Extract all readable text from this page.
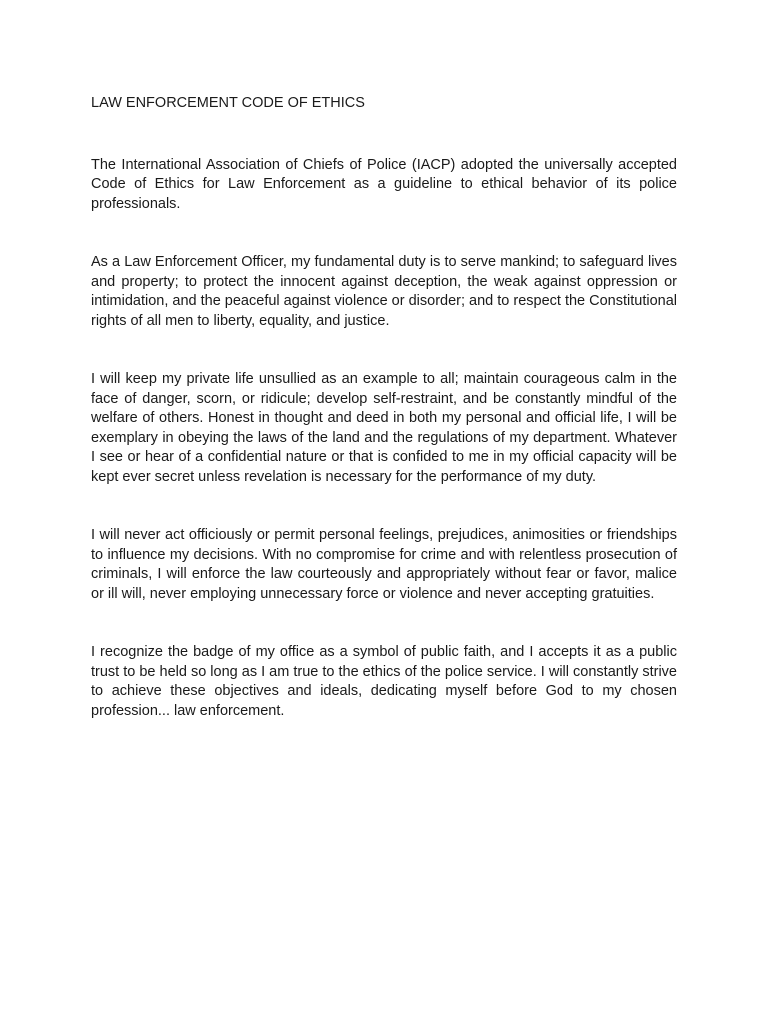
LAW ENFORCEMENT CODE OF ETHICS

The International Association of Chiefs of Police (IACP) adopted the universally accepted Code of Ethics for Law Enforcement as a guideline to ethical behavior of its police professionals.

As a Law Enforcement Officer, my fundamental duty is to serve mankind; to safeguard lives and property; to protect the innocent against deception, the weak against oppression or intimidation, and the peaceful against violence or disorder; and to respect the Constitutional rights of all men to liberty, equality, and justice.

I will keep my private life unsullied as an example to all; maintain courageous calm in the face of danger, scorn, or ridicule; develop self-restraint, and be constantly mindful of the welfare of others. Honest in thought and deed in both my personal and official life, I will be exemplary in obeying the laws of the land and the regulations of my department. Whatever I see or hear of a confidential nature or that is confided to me in my official capacity will be kept ever secret unless revelation is necessary for the performance of my duty.

I will never act officiously or permit personal feelings, prejudices, animosities or friendships to influence my decisions. With no compromise for crime and with relentless prosecution of criminals, I will enforce the law courteously and appropriately without fear or favor, malice or ill will, never employing unnecessary force or violence and never accepting gratuities.

I recognize the badge of my office as a symbol of public faith, and I accepts it as a public trust to be held so long as I am true to the ethics of the police service. I will constantly strive to achieve these objectives and ideals, dedicating myself before God to my chosen profession... law enforcement.
